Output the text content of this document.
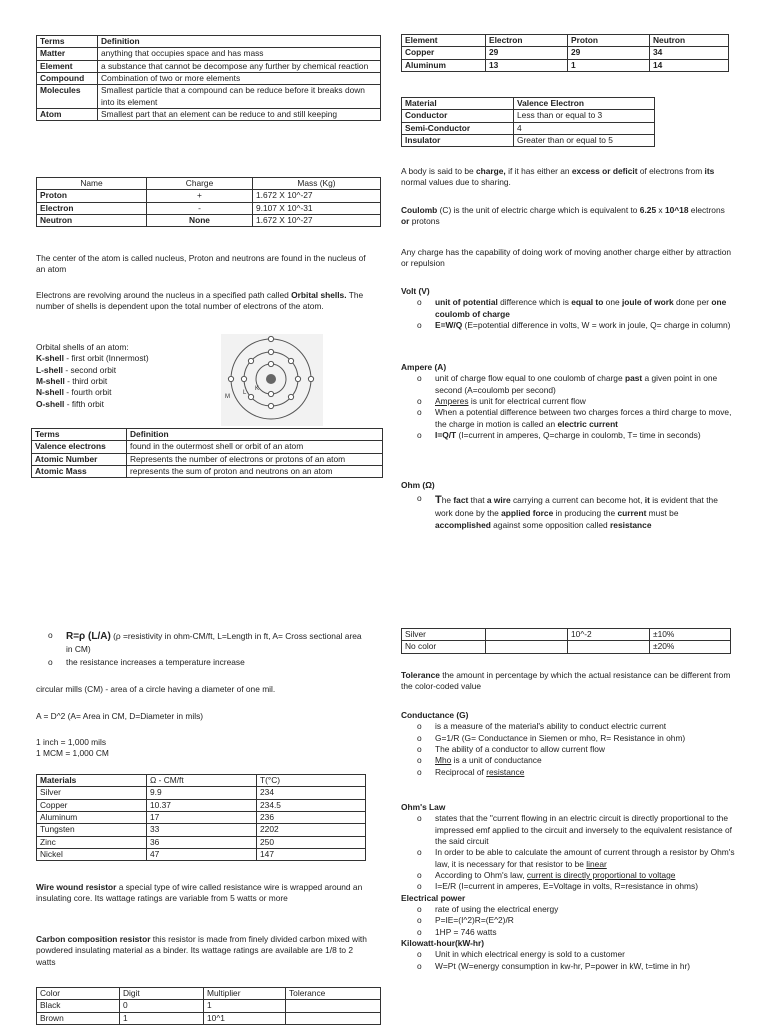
Terms	Definition
Matter	anything that occupies space and has mass
Element	a substance that cannot be decompose any further by chemical reaction
Compound	Combination of two or more elements
Molecules	Smallest particle that a compound can be reduce before it breaks down into its element
Atom	Smallest part that an element can be reduce to and still keeping
Name	Charge	Mass (Kg)
Proton	+	1.672 X 10^-27
Electron	-	9.107 X 10^-31
Neutron	None	1.672 X 10^-27

The center of the atom is called nucleus, Proton and neutrons are found in the nucleus of an atom

Electrons are revolving around the nucleus in a specified path called Orbital shells. The number of shells is dependent upon the total number of electrons of the atom.

Orbital shells of an atom:

K-shell - first orbit (Innermost)

L-shell - second orbit

M-shell - third orbit

N-shell - fourth orbit

O-shell - fifth orbit

K
L
M
Terms	Definition
Valence electrons	found in the outermost shell or orbit of an atom
Atomic Number	Represents the number of electrons or protons of an atom
Atomic Mass	represents the sum of proton and neutrons on an atom
Element	Electron	Proton	Neutron
Copper	29	29	34
Aluminum	13	1	14
Material	Valence Electron
Conductor	Less than or equal to 3
Semi-Conductor	4
Insulator	Greater than or equal to 5

A body is said to be charge, if it has either an excess or deficit of electrons from its normal values due to sharing.

Coulomb (C) is the unit of electric charge which is equivalent to 6.25 x 10^18 electrons or protons

Any charge has the capability of doing work of moving another charge either by attraction or repulsion

Volt (V)

o unit of potential difference which is equal to one joule of work done per one coulomb of charge
o E=W/Q (E=potential difference in volts, W = work in joule, Q= charge in column)

Ampere (A)

o unit of charge flow equal to one coulomb of charge past a given point in one second (A=coulomb per second)
o Amperes is unit for electrical current flow
o When a potential difference between two charges forces a third charge to move, the charge in motion is called an electric current
o I=Q/T (I=current in amperes, Q=charge in coulomb, T= time in seconds)

Ohm (Ω)

o The fact that a wire carrying a current can become hot, it is evident that the work done by the applied force in producing the current must be accomplished against some opposition called resistance
o R=ρ (L/A) (ρ =resistivity in ohm-CM/ft, L=Length in ft, A= Cross sectional area in CM)
o the resistance increases a temperature increase

circular mills (CM) - area of a circle having a diameter of one mil.

A = D^2 (A= Area in CM, D=Diameter in mils)

1 inch = 1,000 mils

1 MCM = 1,000 CM

Materials	Ω - CM/ft	T(°C)
Silver	9.9	234
Copper	10.37	234.5
Aluminum	17	236
Tungsten	33	2202
Zinc	36	250
Nickel	47	147

Wire wound resistor a special type of wire called resistance wire is wrapped around an insulating core. Its wattage ratings are variable from 5 watts or more

Carbon composition resistor this resistor is made from finely divided carbon mixed with powdered insulating material as a binder. Its wattage ratings are available are 1/8 to 2 watts

Color	Digit	Multiplier	Tolerance
Black	0	1	
Brown	1	10^1	
Silver		10^-2	±10%
No color			±20%

Tolerance the amount in percentage by which the actual resistance can be different from the color-coded value

Conductance (G)

o is a measure of the material's ability to conduct electric current
o G=1/R (G= Conductance in Siemen or mho, R= Resistance in ohm)
o The ability of a conductor to allow current flow
o Mho is a unit of conductance
o Reciprocal of resistance

Ohm's Law

o states that the "current flowing in an electric circuit is directly proportional to the impressed emf applied to the circuit and inversely to the equivalent resistance of the said circuit
o In order to be able to calculate the amount of current through a resistor by Ohm's law, it is necessary for that resistor to be linear
o According to Ohm's law, current is directly proportional to voltage
o I=E/R (I=current in amperes, E=Voltage in volts, R=resistance in ohms)

Electrical power

o rate of using the electrical energy
o P=IE=(I^2)R=(E^2)/R
o 1HP = 746 watts

Kilowatt-hour(kW-hr)

o Unit in which electrical energy is sold to a customer
o W=Pt (W=energy consumption in kw-hr, P=power in kW, t=time in hr)
